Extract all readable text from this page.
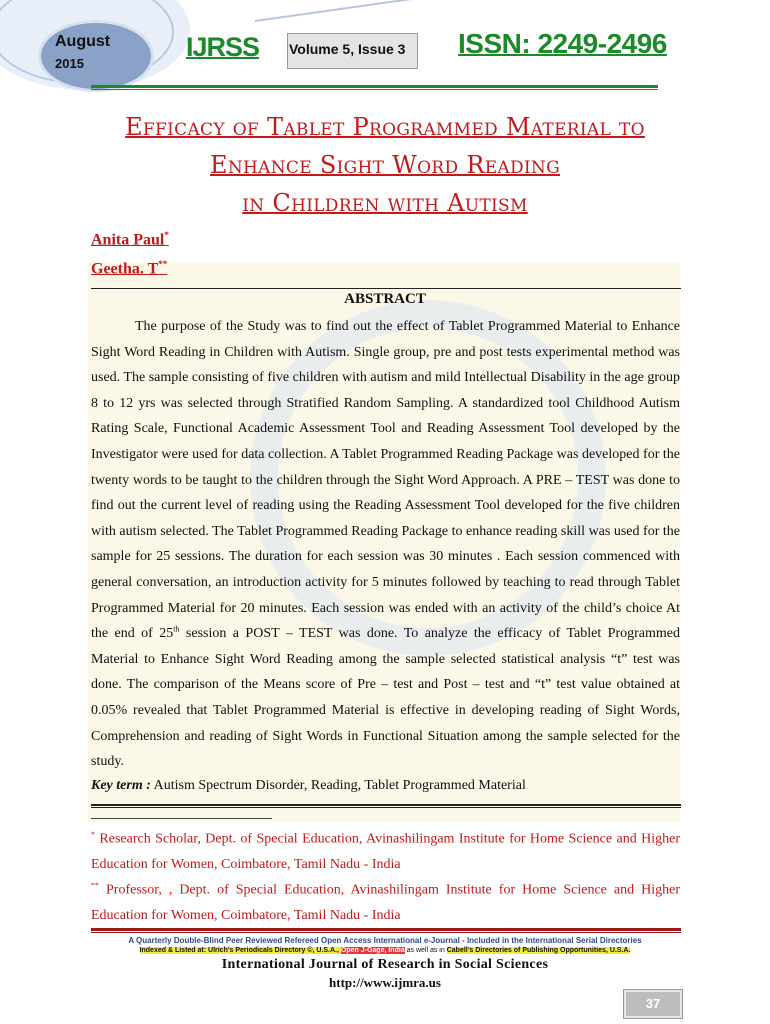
August
2015
IJRSS Volume 5, Issue 3 ISSN: 2249-2496
Efficacy of Tablet Programmed Material to
Enhance Sight Word Reading
in Children with Autism
Anita Paul*
Geetha. T**
ABSTRACT

The purpose of the Study was to find out the effect of Tablet Programmed Material to Enhance Sight Word Reading in Children with Autism. Single group, pre and post tests experimental method was used. The sample consisting of five children with autism and mild Intellectual Disability in the age group 8 to 12 yrs was selected through Stratified Random Sampling. A standardized tool Childhood Autism Rating Scale, Functional Academic Assessment Tool and Reading Assessment Tool developed by the Investigator were used for data collection. A Tablet Programmed Reading Package was developed for the twenty words to be taught to the children through the Sight Word Approach. A PRE – TEST was done to find out the current level of reading using the Reading Assessment Tool developed for the five children with autism selected. The Tablet Programmed Reading Package to enhance reading skill was used for the sample for 25 sessions. The duration for each session was 30 minutes . Each session commenced with general conversation, an introduction activity for 5 minutes followed by teaching to read through Tablet Programmed Material for 20 minutes. Each session was ended with an activity of the child’s choice At the end of 25th session a POST – TEST was done. To analyze the efficacy of Tablet Programmed Material to Enhance Sight Word Reading among the sample selected statistical analysis “t” test was done. The comparison of the Means score of Pre – test and Post – test and “t” test value obtained at 0.05% revealed that Tablet Programmed Material is effective in developing reading of Sight Words, Comprehension and reading of Sight Words in Functional Situation among the sample selected for the study.

Key term : Autism Spectrum Disorder, Reading, Tablet Programmed Material
* Research Scholar, Dept. of Special Education, Avinashilingam Institute for Home Science and Higher Education for Women, Coimbatore, Tamil Nadu - India
** Professor, , Dept. of Special Education, Avinashilingam Institute for Home Science and Higher Education for Women, Coimbatore, Tamil Nadu - India
A Quarterly Double-Blind Peer Reviewed Refereed Open Access International e-Journal - Included in the International Serial Directories
Indexed & Listed at: Ulrich's Periodicals Directory ©, U.S.A., Open J-Gage, India as well as in Cabell’s Directories of Publishing Opportunities, U.S.A.
International Journal of Research in Social Sciences
http://www.ijmra.us
37
